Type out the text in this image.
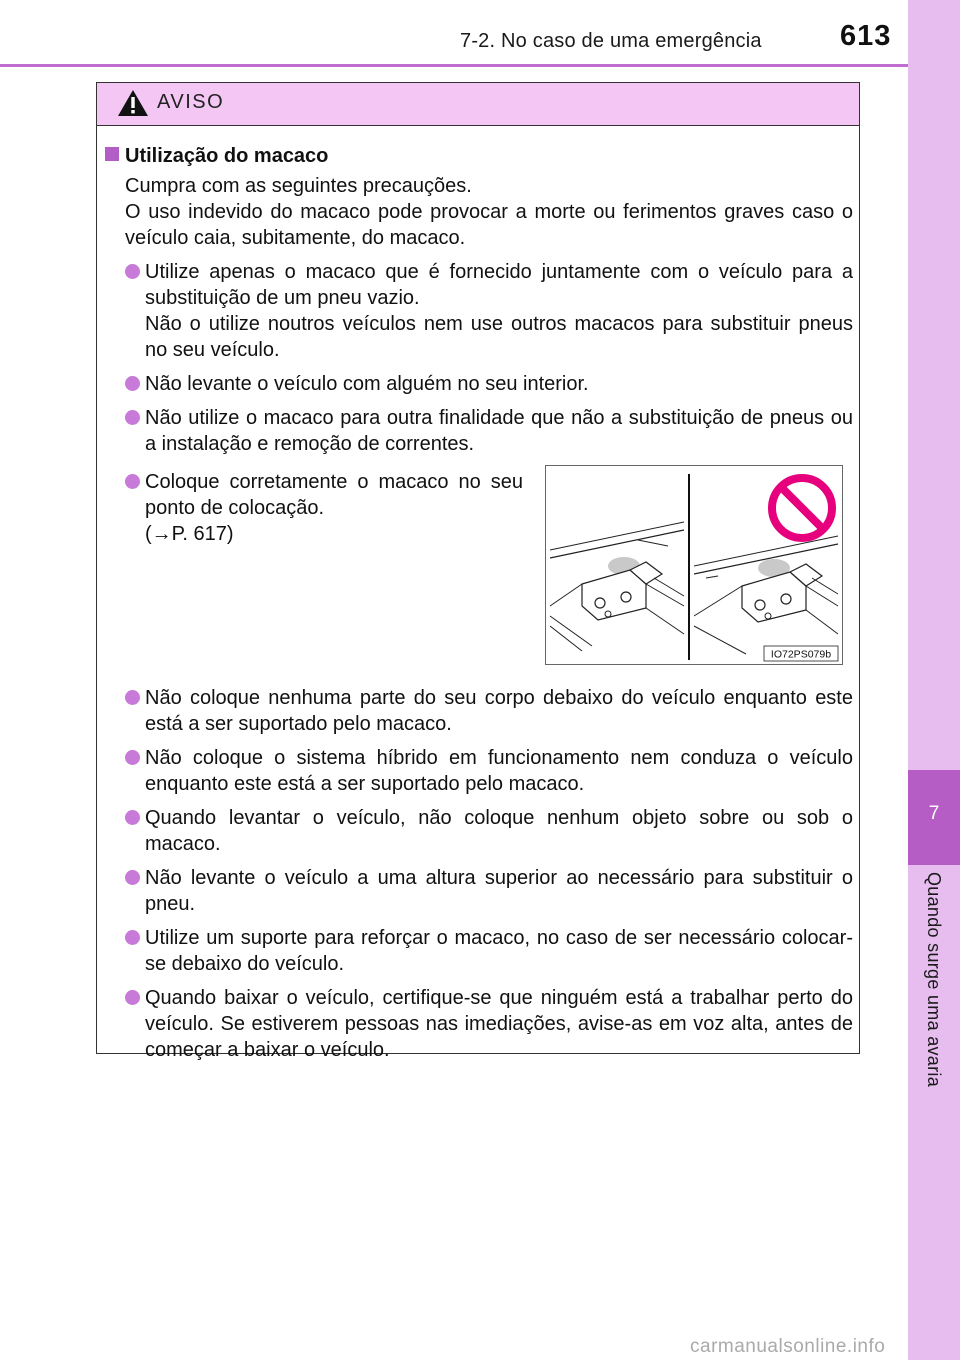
7-2. No caso de uma emergência	613
7
Quando surge uma avaria
AVISO
Utilização do macaco
Cumpra com as seguintes precauções.
O uso indevido do macaco pode provocar a morte ou ferimentos graves caso o veículo caia, subitamente, do macaco.

Utilize apenas o macaco que é fornecido juntamente com o veículo para a substituição de um pneu vazio.

Não o utilize noutros veículos nem use outros macacos para substituir pneus no seu veículo.

Não levante o veículo com alguém no seu interior.

Não utilize o macaco para outra finalidade que não a substituição de pneus ou a instalação e remoção de correntes.

Coloque corretamente o macaco no seu ponto de colocação.
(→P. 617)
IO72PS079b

Não coloque nenhuma parte do seu corpo debaixo do veículo enquanto este está a ser suportado pelo macaco.

Não coloque o sistema híbrido em funcionamento nem conduza o veículo enquanto este está a ser suportado pelo macaco.

Quando levantar o veículo, não coloque nenhum objeto sobre ou sob o macaco.

Não levante o veículo a uma altura superior ao necessário para substituir o pneu.

Utilize um suporte para reforçar o macaco, no caso de ser necessário colocar-se debaixo do veículo.

Quando baixar o veículo, certifique-se que ninguém está a trabalhar perto do veículo. Se estiverem pessoas nas imediações, avise-as em voz alta, antes de começar a baixar o veículo.

carmanualsonline.info
